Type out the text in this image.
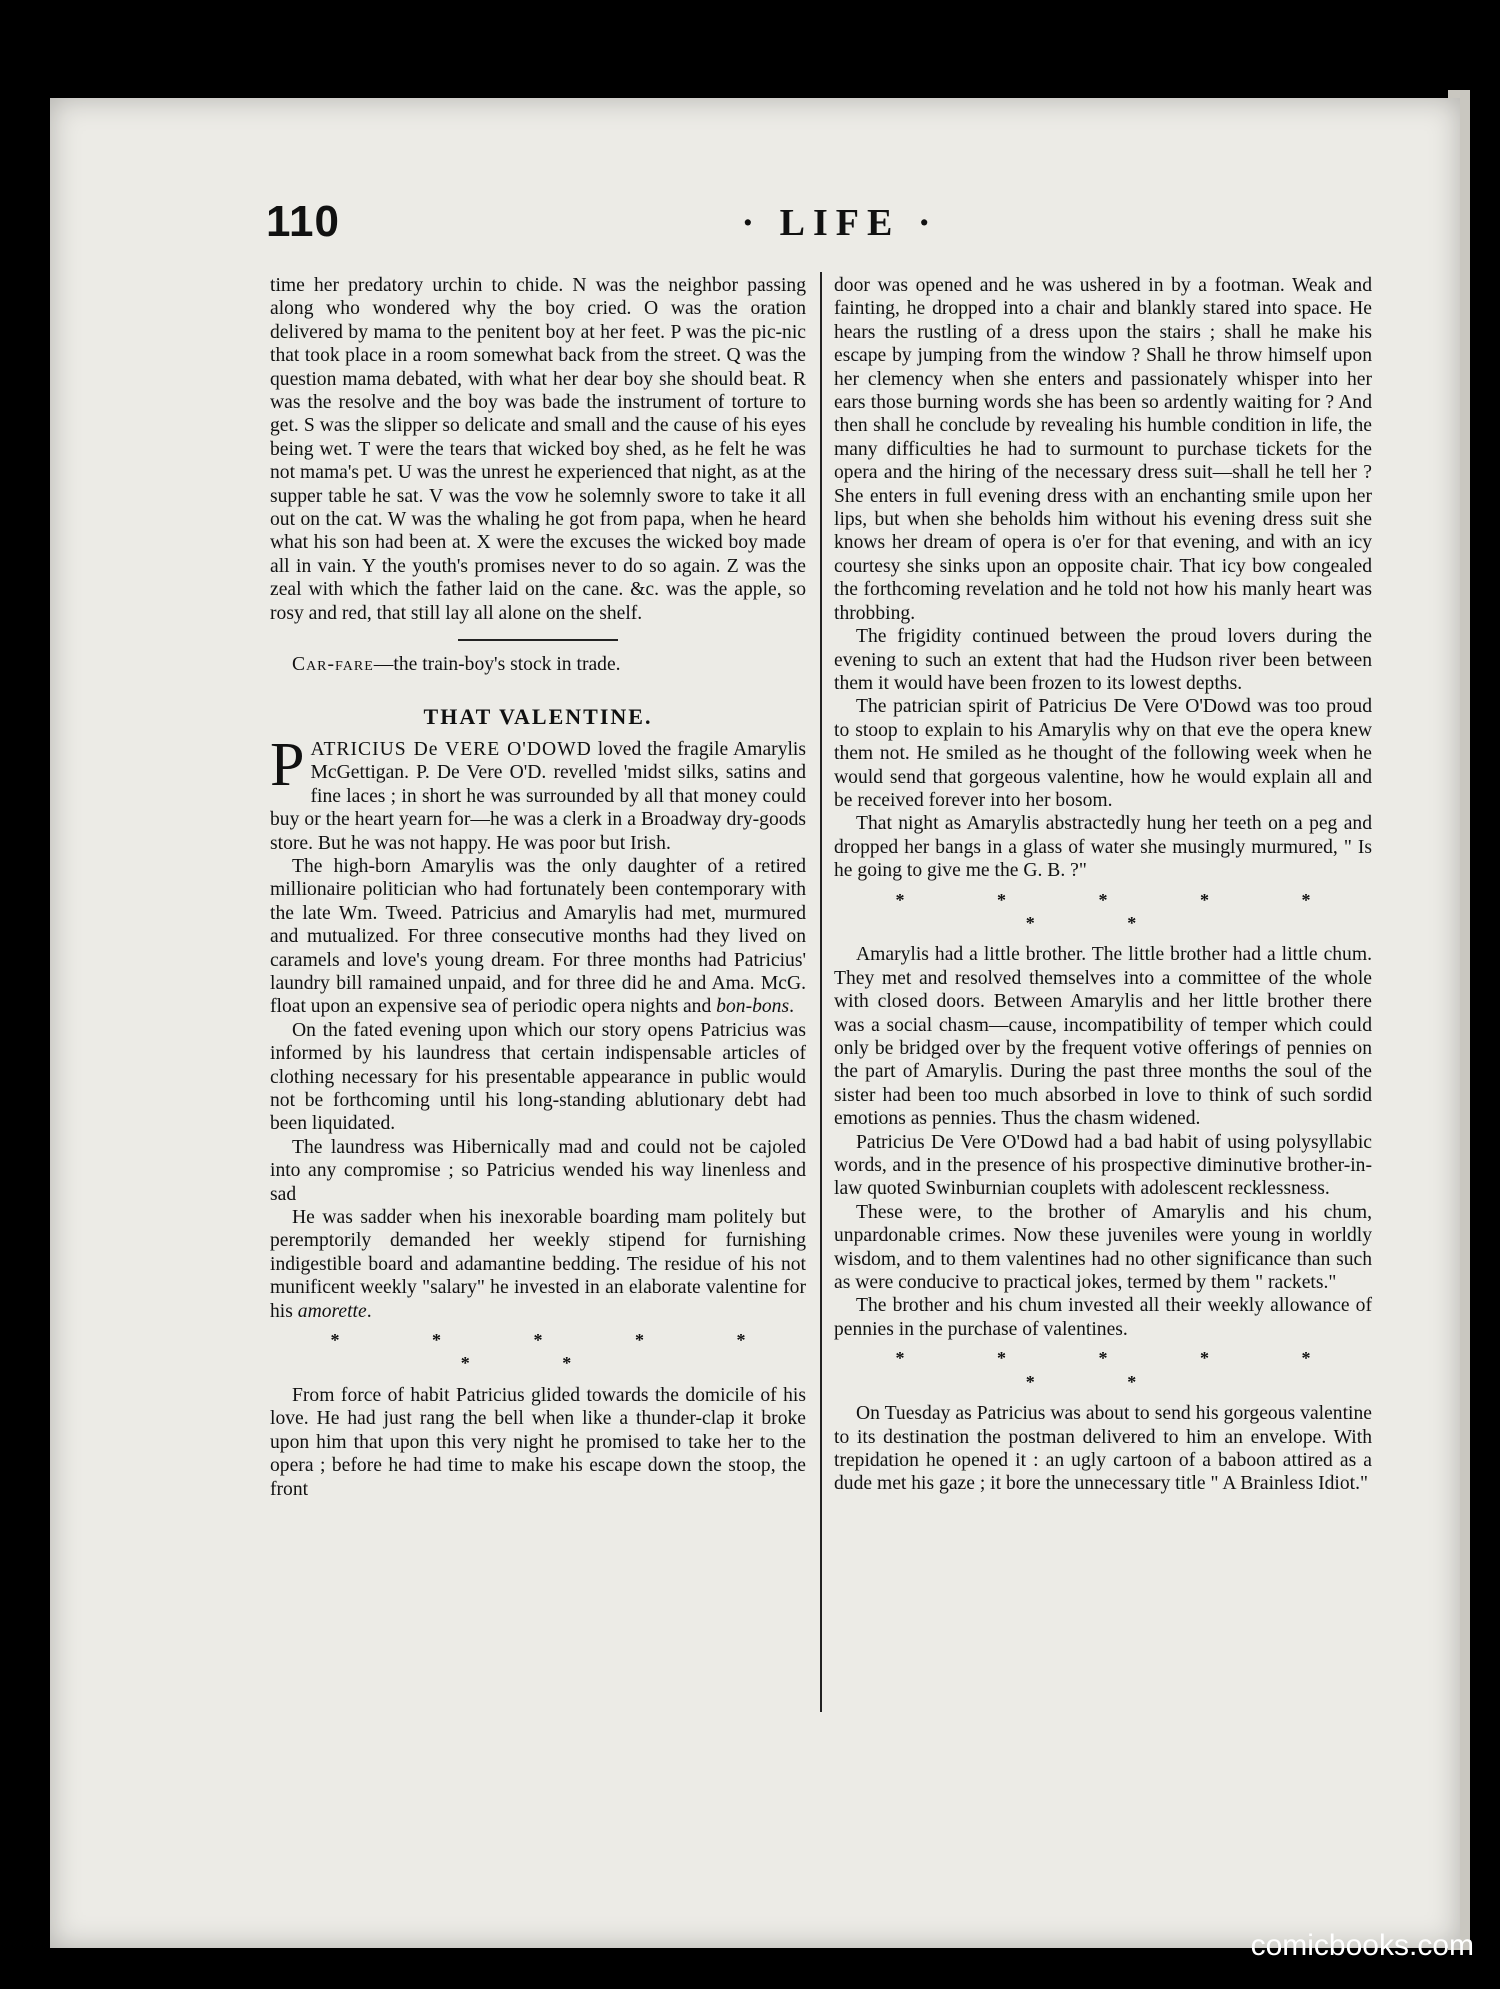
110	· LIFE ·

time her predatory urchin to chide. N was the neighbor passing along who wondered why the boy cried. O was the oration delivered by mama to the penitent boy at her feet. P was the pic-nic that took place in a room somewhat back from the street. Q was the question mama debated, with what her dear boy she should beat. R was the resolve and the boy was bade the instrument of torture to get. S was the slipper so delicate and small and the cause of his eyes being wet. T were the tears that wicked boy shed, as he felt he was not mama's pet. U was the unrest he experienced that night, as at the supper table he sat. V was the vow he solemnly swore to take it all out on the cat. W was the whaling he got from papa, when he heard what his son had been at. X were the excuses the wicked boy made all in vain. Y the youth's promises never to do so again. Z was the zeal with which the father laid on the cane. &c. was the apple, so rosy and red, that still lay all alone on the shelf.

Car-fare—the train-boy's stock in trade.

THAT VALENTINE.

PATRICIUS De VERE O'DOWD loved the fragile Amarylis McGettigan. P. De Vere O'D. revelled 'midst silks, satins and fine laces ; in short he was surrounded by all that money could buy or the heart yearn for—he was a clerk in a Broadway dry-goods store. But he was not happy. He was poor but Irish.

The high-born Amarylis was the only daughter of a retired millionaire politician who had fortunately been contemporary with the late Wm. Tweed. Patricius and Amarylis had met, murmured and mutualized. For three consecutive months had they lived on caramels and love's young dream. For three months had Patricius' laundry bill ramained unpaid, and for three did he and Ama. McG. float upon an expensive sea of periodic opera nights and bon-bons.

On the fated evening upon which our story opens Patricius was informed by his laundress that certain indispensable articles of clothing necessary for his presentable appearance in public would not be forthcoming until his long-standing ablutionary debt had been liquidated.

The laundress was Hibernically mad and could not be cajoled into any compromise ; so Patricius wended his way linenless and sad

He was sadder when his inexorable boarding mam politely but peremptorily demanded her weekly stipend for furnishing indigestible board and adamantine bedding. The residue of his not munificent weekly "salary" he invested in an elaborate valentine for his amorette.

* * * * * * *

From force of habit Patricius glided towards the domicile of his love. He had just rang the bell when like a thunder-clap it broke upon him that upon this very night he promised to take her to the opera ; before he had time to make his escape down the stoop, the front

door was opened and he was ushered in by a footman. Weak and fainting, he dropped into a chair and blankly stared into space. He hears the rustling of a dress upon the stairs ; shall he make his escape by jumping from the window ? Shall he throw himself upon her clemency when she enters and passionately whisper into her ears those burning words she has been so ardently waiting for ? And then shall he conclude by revealing his humble condition in life, the many difficulties he had to surmount to purchase tickets for the opera and the hiring of the necessary dress suit—shall he tell her ? She enters in full evening dress with an enchanting smile upon her lips, but when she beholds him without his evening dress suit she knows her dream of opera is o'er for that evening, and with an icy courtesy she sinks upon an opposite chair. That icy bow congealed the forthcoming revelation and he told not how his manly heart was throbbing.

The frigidity continued between the proud lovers during the evening to such an extent that had the Hudson river been between them it would have been frozen to its lowest depths.

The patrician spirit of Patricius De Vere O'Dowd was too proud to stoop to explain to his Amarylis why on that eve the opera knew them not. He smiled as he thought of the following week when he would send that gorgeous valentine, how he would explain all and be received forever into her bosom.

That night as Amarylis abstractedly hung her teeth on a peg and dropped her bangs in a glass of water she musingly murmured, " Is he going to give me the G. B. ?"

* * * * * * *

Amarylis had a little brother. The little brother had a little chum. They met and resolved themselves into a committee of the whole with closed doors. Between Amarylis and her little brother there was a social chasm—cause, incompatibility of temper which could only be bridged over by the frequent votive offerings of pennies on the part of Amarylis. During the past three months the soul of the sister had been too much absorbed in love to think of such sordid emotions as pennies. Thus the chasm widened.

Patricius De Vere O'Dowd had a bad habit of using polysyllabic words, and in the presence of his prospective diminutive brother-in-law quoted Swinburnian couplets with adolescent recklessness.

These were, to the brother of Amarylis and his chum, unpardonable crimes. Now these juveniles were young in worldly wisdom, and to them valentines had no other significance than such as were conducive to practical jokes, termed by them " rackets."

The brother and his chum invested all their weekly allowance of pennies in the purchase of valentines.

* * * * * * *

On Tuesday as Patricius was about to send his gorgeous valentine to its destination the postman delivered to him an envelope. With trepidation he opened it : an ugly cartoon of a baboon attired as a dude met his gaze ; it bore the unnecessary title " A Brainless Idiot."

comicbooks.com
